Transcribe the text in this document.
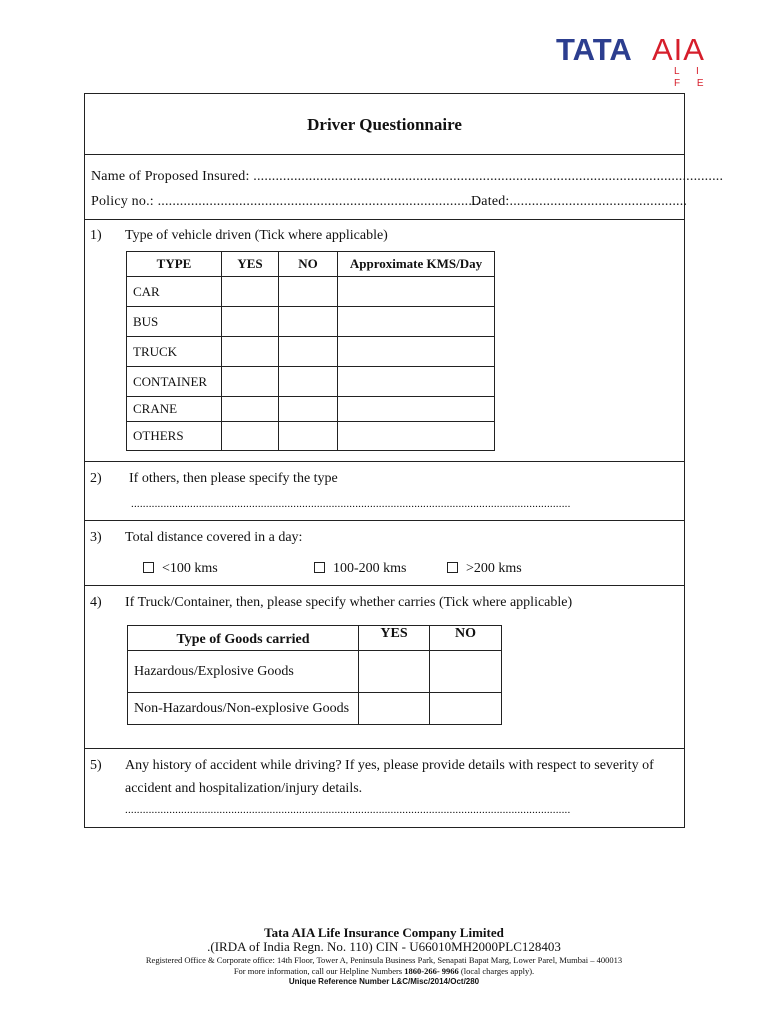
TATA AIA
L I F E
Driver Questionnaire
Name of Proposed Insured: ...............................................................................................................................
Policy no.: .......................................................................................
Dated:................................................
1) Type of vehicle driven (Tick where applicable)
TYPE	YES	NO	Approximate KMS/Day
CAR			
BUS			
TRUCK			
CONTAINER			
CRANE			
OTHERS			
2) If others, then please specify the type
.....................................................................................................................................................
3) Total distance covered in a day:
<100 kms	100-200 kms	>200 kms
4) If Truck/Container, then, please specify whether carries (Tick where applicable)
Type of Goods carried	YES	NO
Hazardous/Explosive Goods		
Non-Hazardous/Non-explosive Goods		
5) Any history of accident while driving? If yes, please provide details with respect to severity of
accident and hospitalization/injury details.
.......................................................................................................................................................
Tata AIA Life Insurance Company Limited
.(IRDA of India Regn. No. 110) CIN - U66010MH2000PLC128403
Registered Office & Corporate office: 14th Floor, Tower A, Peninsula Business Park, Senapati Bapat Marg, Lower Parel, Mumbai – 400013
For more information, call our Helpline Numbers 1860-266- 9966 (local charges apply).
Unique Reference Number L&C/Misc/2014/Oct/280
